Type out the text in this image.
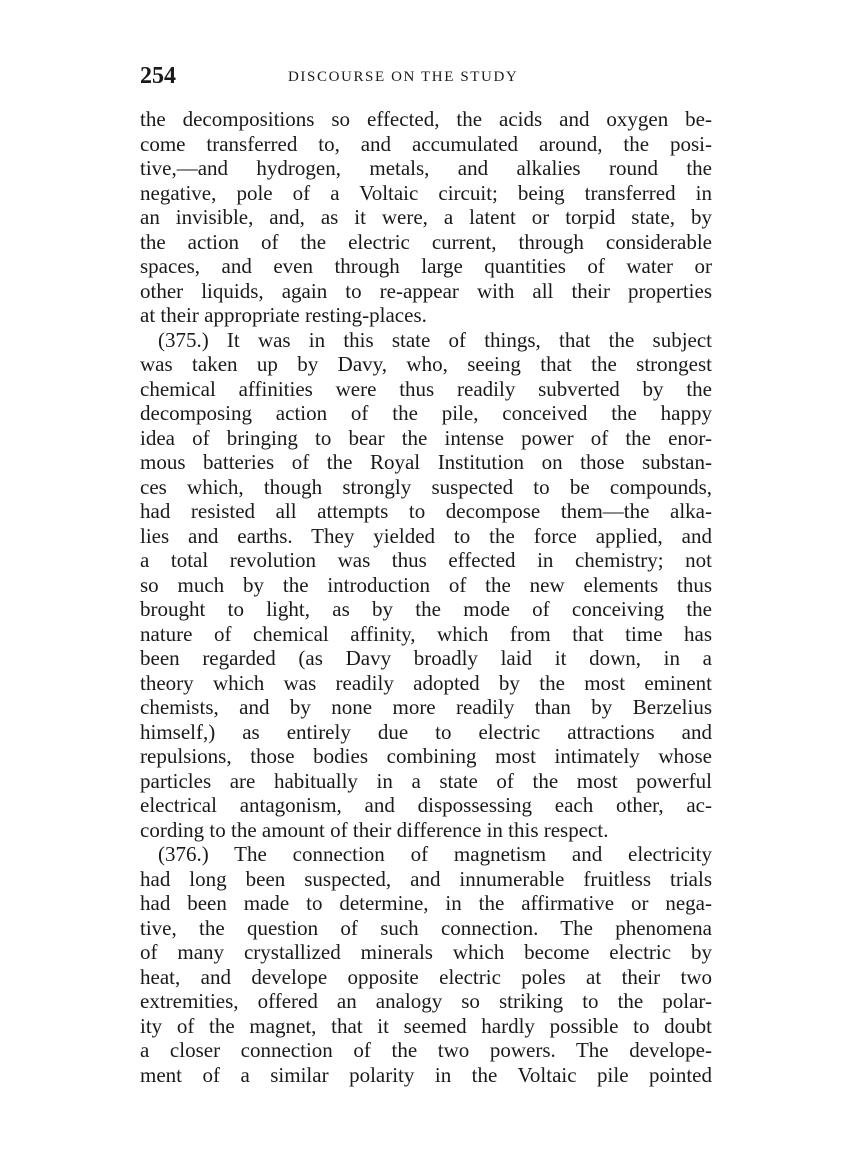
254	DISCOURSE ON THE STUDY
the decompositions so effected, the acids and oxygen be-
come transferred to, and accumulated around, the posi-
tive,—and hydrogen, metals, and alkalies round the
negative, pole of a Voltaic circuit; being transferred in
an invisible, and, as it were, a latent or torpid state, by
the action of the electric current, through considerable
spaces, and even through large quantities of water or
other liquids, again to re-appear with all their properties
at their appropriate resting-places.
(375.) It was in this state of things, that the subject
was taken up by Davy, who, seeing that the strongest
chemical affinities were thus readily subverted by the
decomposing action of the pile, conceived the happy
idea of bringing to bear the intense power of the enor-
mous batteries of the Royal Institution on those substan-
ces which, though strongly suspected to be compounds,
had resisted all attempts to decompose them—the alka-
lies and earths. They yielded to the force applied, and
a total revolution was thus effected in chemistry; not
so much by the introduction of the new elements thus
brought to light, as by the mode of conceiving the
nature of chemical affinity, which from that time has
been regarded (as Davy broadly laid it down, in a
theory which was readily adopted by the most eminent
chemists, and by none more readily than by Berzelius
himself,) as entirely due to electric attractions and
repulsions, those bodies combining most intimately whose
particles are habitually in a state of the most powerful
electrical antagonism, and dispossessing each other, ac-
cording to the amount of their difference in this respect.
(376.) The connection of magnetism and electricity
had long been suspected, and innumerable fruitless trials
had been made to determine, in the affirmative or nega-
tive, the question of such connection. The phenomena
of many crystallized minerals which become electric by
heat, and develope opposite electric poles at their two
extremities, offered an analogy so striking to the polar-
ity of the magnet, that it seemed hardly possible to doubt
a closer connection of the two powers. The develope-
ment of a similar polarity in the Voltaic pile pointed
